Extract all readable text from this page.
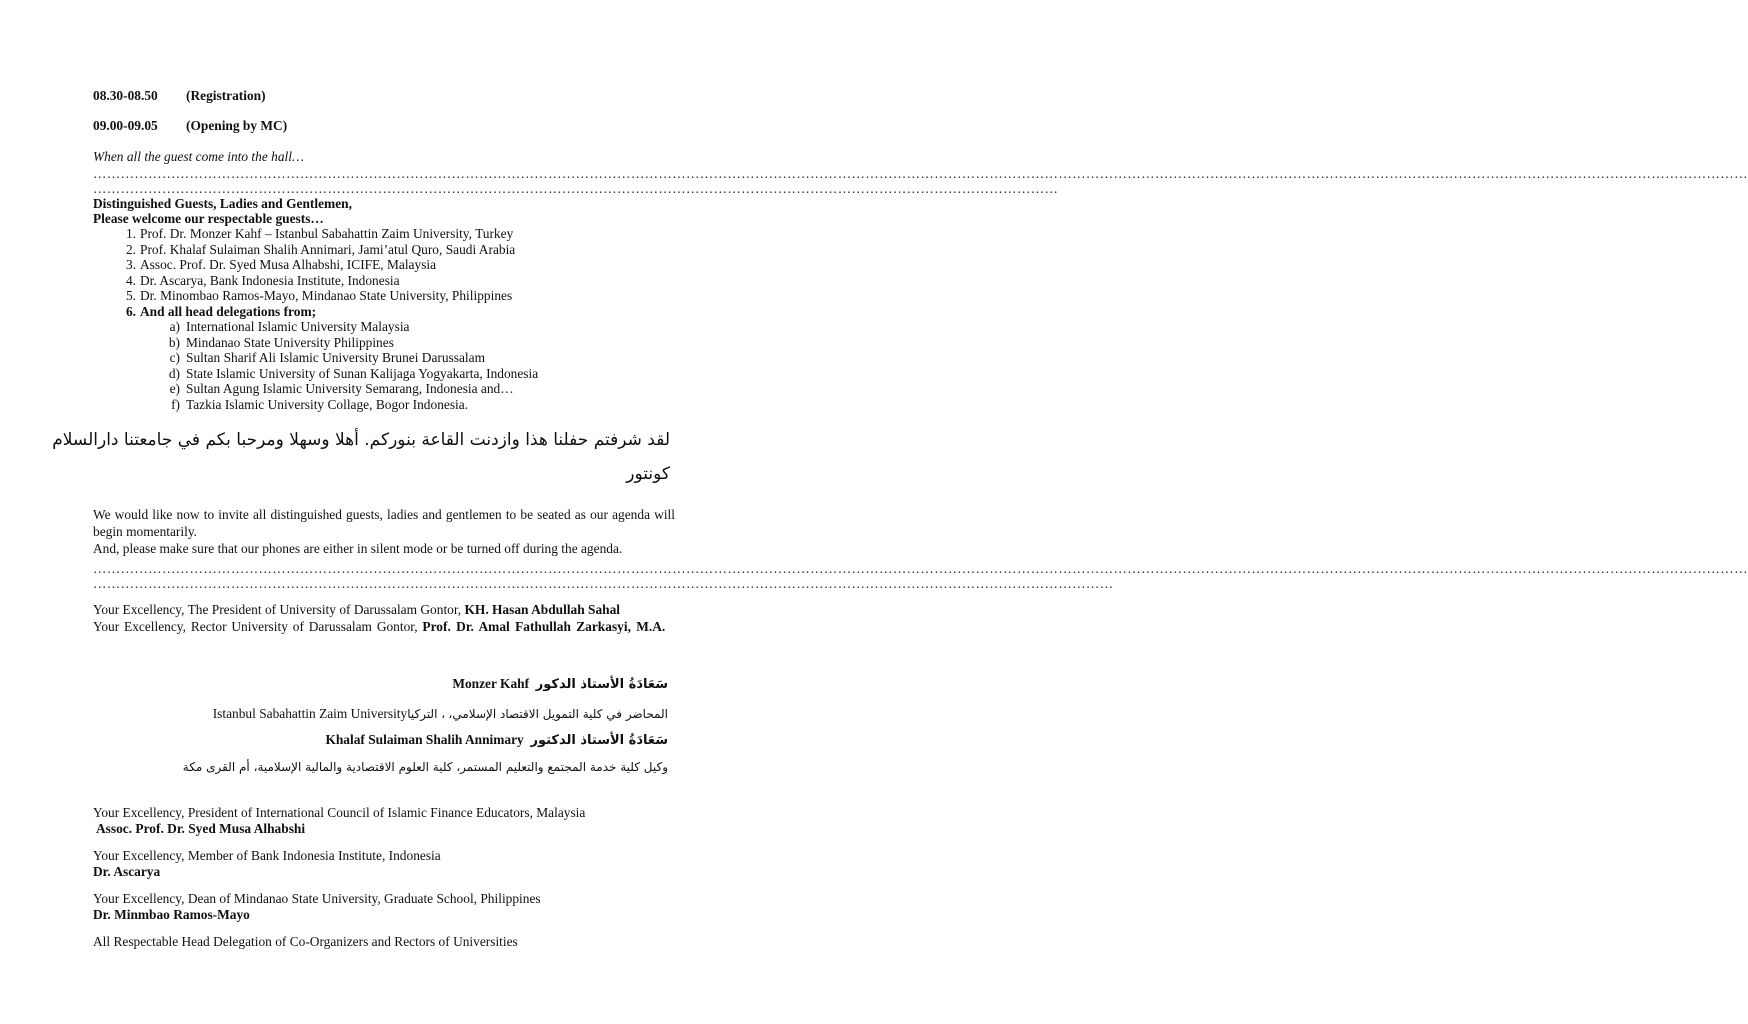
08.30-08.50 (Registration)
09.00-09.05 (Opening by MC)
When all the guest come into the hall…
………………………………………………………………………………………………………………………………………………………………………………………………………………………………………………………………………………………………………………………………
…………………………………………………………………………………………………………………………………………………………………………………………
Distinguished Guests, Ladies and Gentlemen,
Please welcome our respectable guests…
1. Prof. Dr. Monzer Kahf – Istanbul Sabahattin Zaim University, Turkey
2. Prof. Khalaf Sulaiman Shalih Annimari, Jami’atul Quro, Saudi Arabia
3. Assoc. Prof. Dr. Syed Musa Alhabshi, ICIFE, Malaysia
4. Dr. Ascarya, Bank Indonesia Institute, Indonesia
5. Dr. Minombao Ramos-Mayo, Mindanao State University, Philippines
6. And all head delegations from;
a) International Islamic University Malaysia
b) Mindanao State University Philippines
c) Sultan Sharif Ali Islamic University Brunei Darussalam
d) State Islamic University of Sunan Kalijaga Yogyakarta, Indonesia
e) Sultan Agung Islamic University Semarang, Indonesia and…
f) Tazkia Islamic University Collage, Bogor Indonesia.
لقد شرفتم حفلنا هذا وازدنت القاعة بنوركم. أهلا وسهلا ومرحبا بكم في جامعتنا دارالسلام
كونتور
We would like now to invite all distinguished guests, ladies and gentlemen to be seated as our agenda will begin momentarily.
And, please make sure that our phones are either in silent mode or be turned off during the agenda.
………………………………………………………………………………………………………………………………………………………………………………………………………………………………………………………………………………………………………………………………
……………………………………………………………………………………………………………………………………………………………………………………………………
Your Excellency, The President of University of Darussalam Gontor, KH. Hasan Abdullah Sahal
Your Excellency, Rector University of Darussalam Gontor, Prof. Dr. Amal Fathullah Zarkasyi, M.A.
سَعَادَةُ الأستاذ الدكور  Monzer Kahf
المحاضر في كلية التمويل الاقتصاد الإسلامي، Istanbul Sabahattin Zaim University، التركيا
سَعَادَةُ الأستاذ الدكتور  Khalaf Sulaiman Shalih Annimary
وكيل كلية خدمة المجتمع والتعليم المستمر، كلية العلوم الاقتصادية والمالية الإسلامية، أم القرى مكة
Your Excellency, President of International Council of Islamic Finance Educators, Malaysia
Assoc. Prof. Dr. Syed Musa Alhabshi
Your Excellency, Member of Bank Indonesia Institute, Indonesia
Dr. Ascarya
Your Excellency, Dean of Mindanao State University, Graduate School, Philippines
Dr. Minmbao Ramos-Mayo
All Respectable Head Delegation of Co-Organizers and Rectors of Universities
